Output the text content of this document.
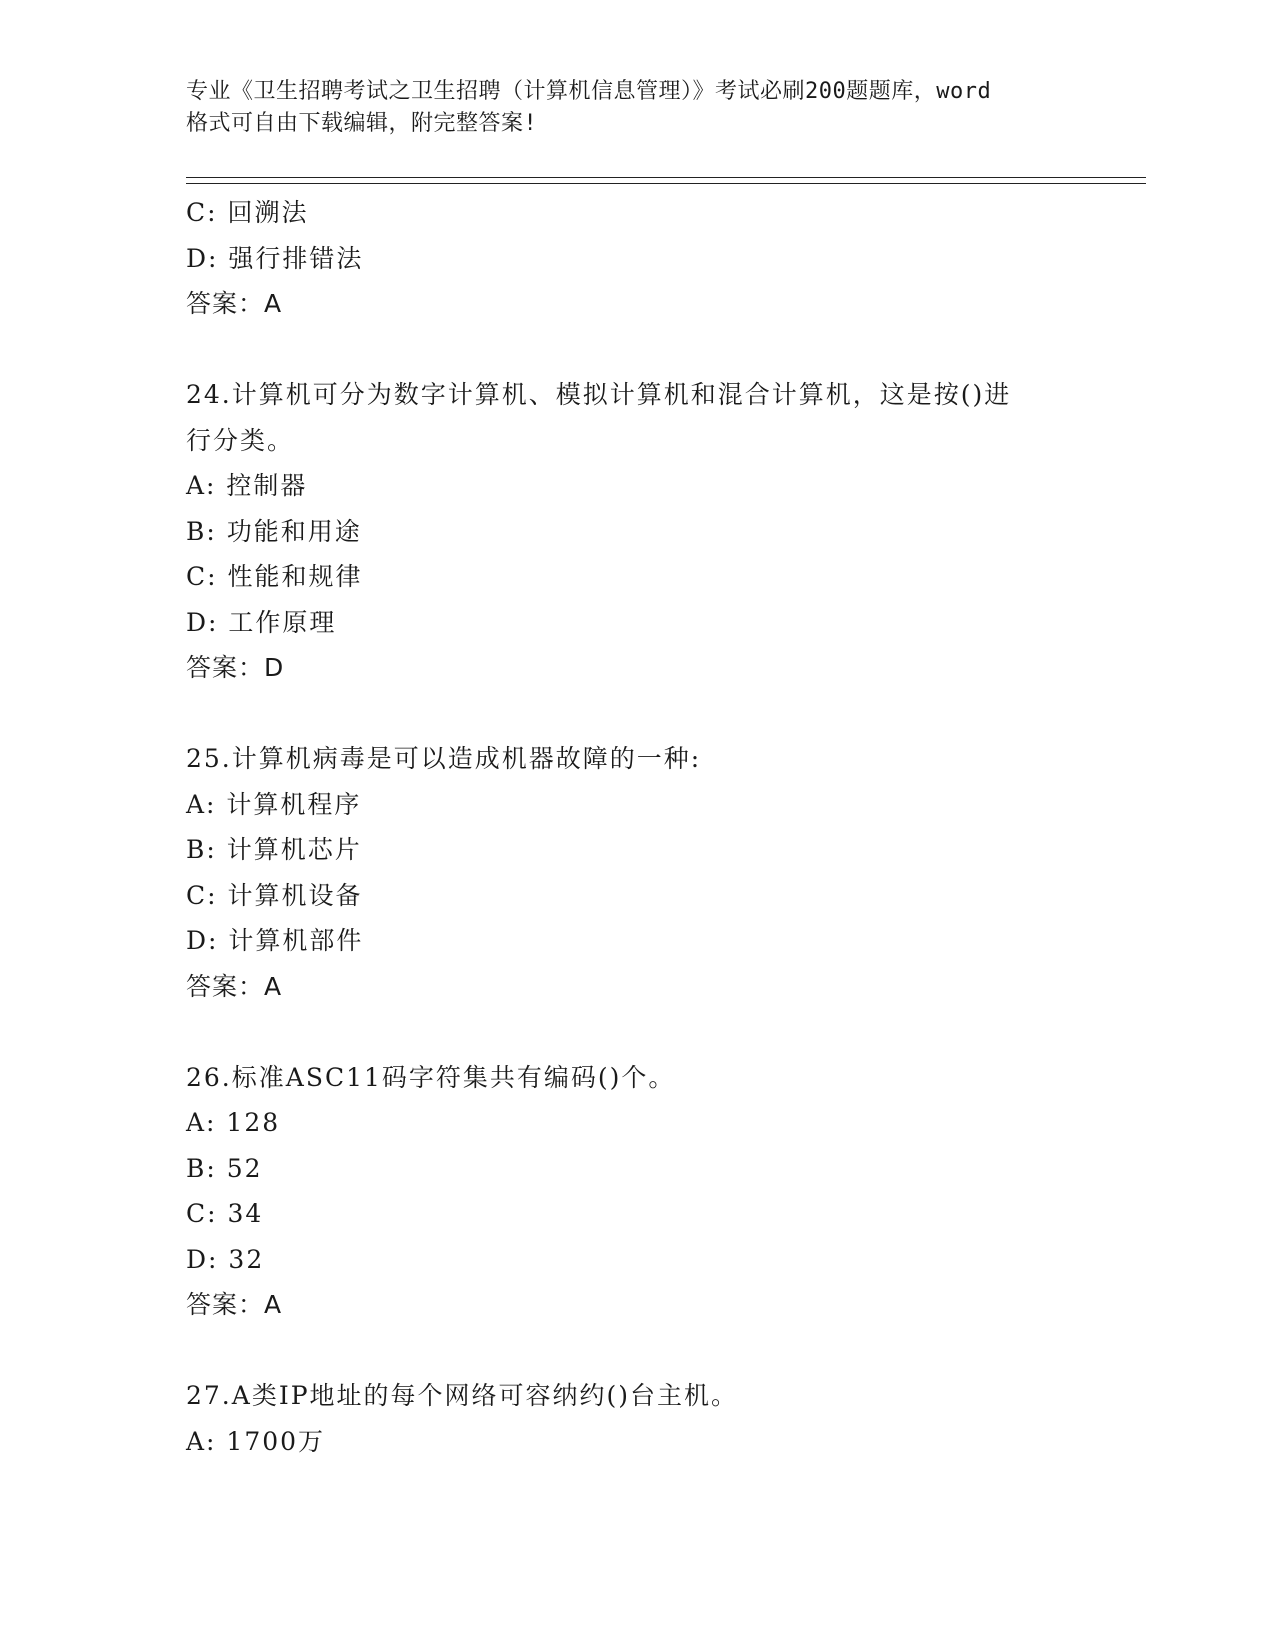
专业《卫生招聘考试之卫生招聘（计算机信息管理）》考试必刷200题题库，word
格式可自由下载编辑，附完整答案!
C: 回溯法
D: 强行排错法
答案：A
24.计算机可分为数字计算机、模拟计算机和混合计算机，这是按()进
行分类。
A: 控制器
B: 功能和用途
C: 性能和规律
D: 工作原理
答案：D
25.计算机病毒是可以造成机器故障的一种:
A: 计算机程序
B: 计算机芯片
C: 计算机设备
D: 计算机部件
答案：A
26.标准ASC11码字符集共有编码()个。
A: 128
B: 52
C: 34
D: 32
答案：A
27.A类IP地址的每个网络可容纳约()台主机。
A: 1700万
